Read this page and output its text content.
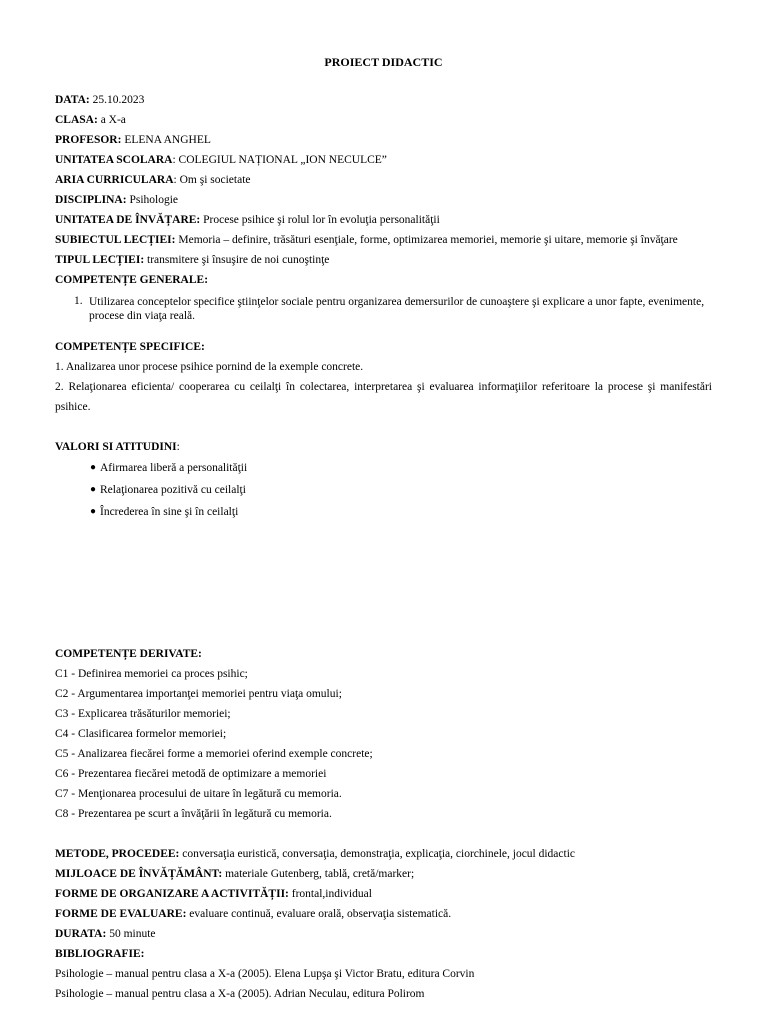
PROIECT DIDACTIC
DATA: 25.10.2023
CLASA: a X-a
PROFESOR: ELENA ANGHEL
UNITATEA SCOLARA: COLEGIUL NAȚIONAL „ION NECULCE”
ARIA CURRICULARA: Om şi societate
DISCIPLINA: Psihologie
UNITATEA DE ÎNVĂȚARE: Procese psihice şi rolul lor în evoluţia personalităţii
SUBIECTUL LECȚIEI: Memoria – definire, trăsături esenţiale, forme, optimizarea memoriei, memorie şi uitare, memorie şi învăţare
TIPUL LECȚIEI: transmitere şi însuşire de noi cunoştinţe
COMPETENȚE GENERALE:
1. Utilizarea conceptelor specifice ştiinţelor sociale pentru organizarea demersurilor de cunoaştere şi explicare a unor fapte, evenimente, procese din viaţa reală.
COMPETENȚE SPECIFICE:
1. Analizarea unor procese psihice pornind de la exemple concrete.
2. Relaţionarea eficienta/ cooperarea cu ceilalţi în colectarea, interpretarea şi evaluarea informaţiilor referitoare la procese şi manifestări psihice.
VALORI SI ATITUDINI:
● Afirmarea liberă a personalităţii
● Relaţionarea pozitivă cu ceilalţi
● Încrederea în sine şi în ceilalţi
COMPETENȚE DERIVATE:
C1 - Definirea memoriei ca proces psihic;
C2 - Argumentarea importanţei memoriei pentru viaţa omului;
C3 - Explicarea trăsăturilor memoriei;
C4 - Clasificarea formelor memoriei;
C5 - Analizarea fiecărei forme a memoriei oferind exemple concrete;
C6 - Prezentarea fiecărei metodă de optimizare a memoriei
C7 - Menţionarea procesului de uitare în legătură cu memoria.
C8 - Prezentarea pe scurt a învăţării în legătură cu memoria.
METODE, PROCEDEE: conversaţia euristică, conversaţia, demonstraţia, explicaţia, ciorchinele, jocul didactic
MIJLOACE DE ÎNVĂȚĂMÂNT: materiale Gutenberg, tablă, cretă/marker;
FORME DE ORGANIZARE A ACTIVITĂȚII: frontal,individual
FORME DE EVALUARE: evaluare continuă, evaluare orală, observaţia sistematică.
DURATA: 50 minute
BIBLIOGRAFIE:
Psihologie – manual pentru clasa a X-a (2005). Elena Lupşa şi Victor Bratu, editura Corvin
Psihologie – manual pentru clasa a X-a (2005). Adrian Neculau, editura Polirom
